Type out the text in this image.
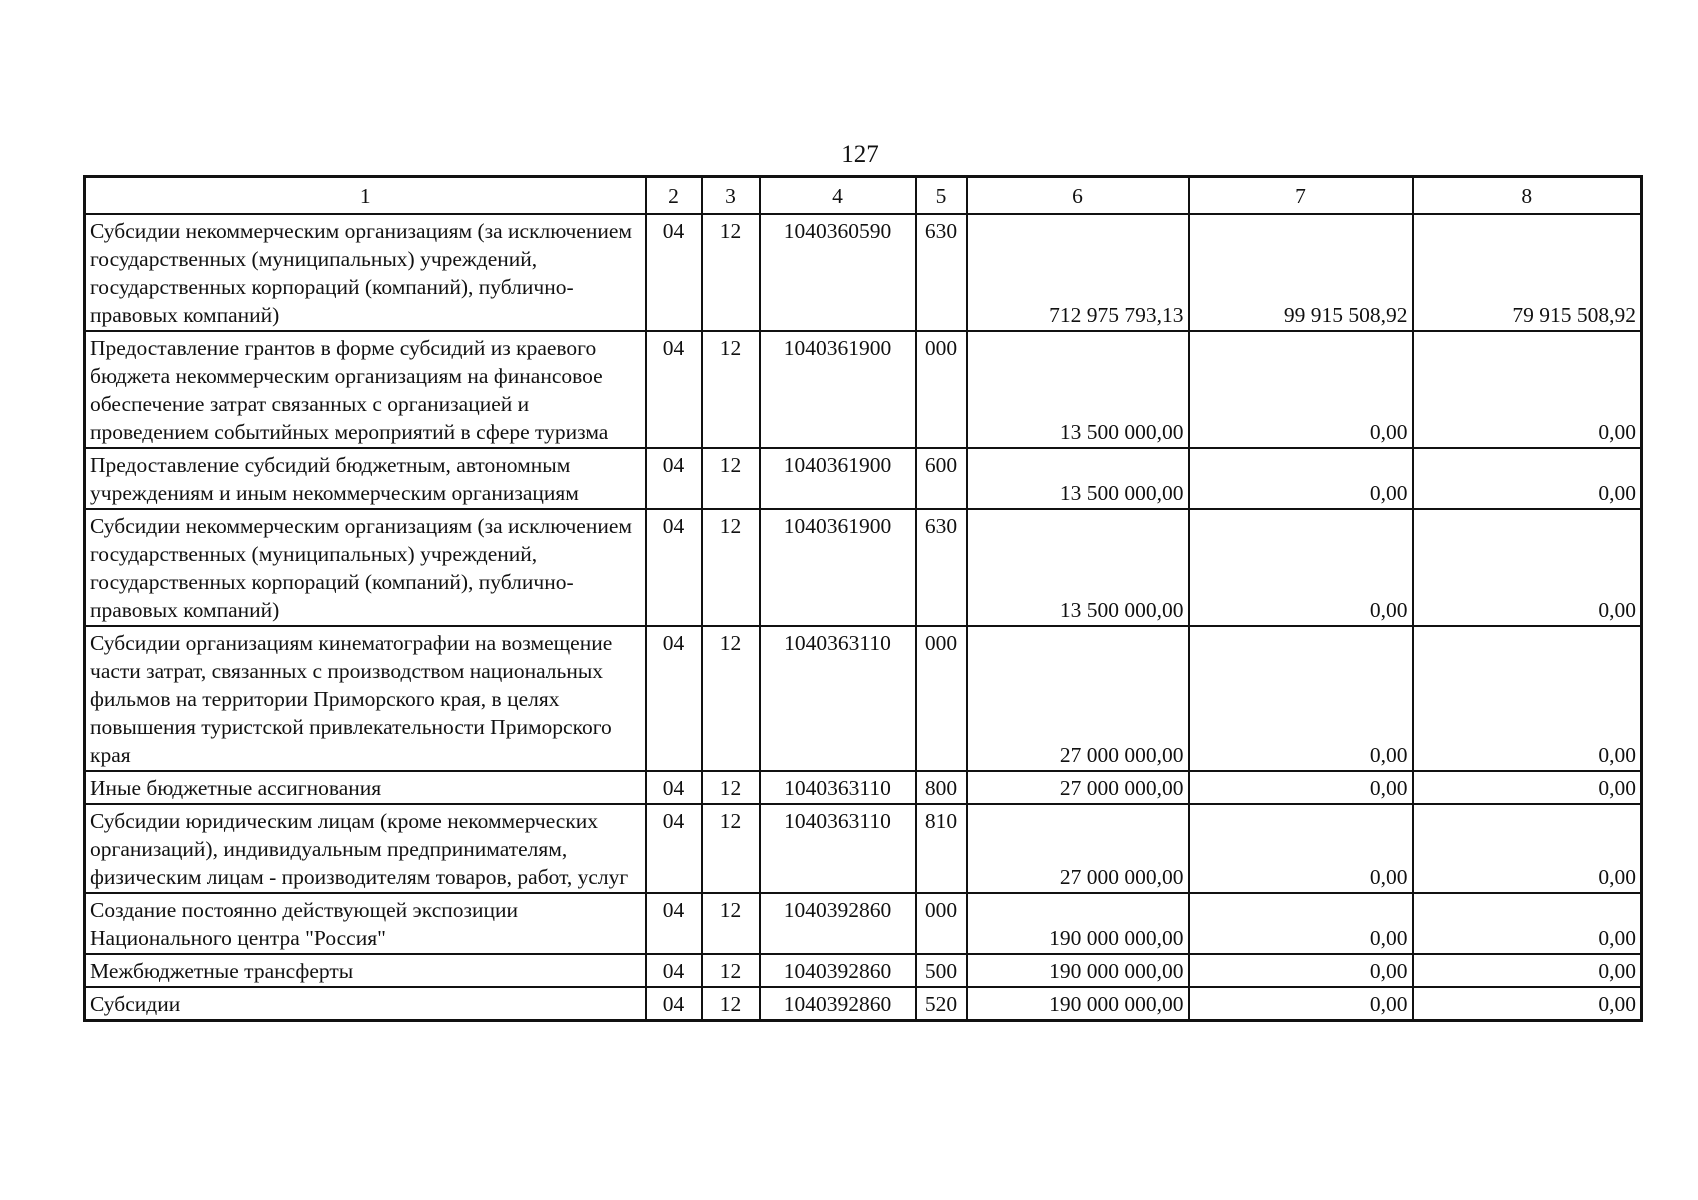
127
1	2	3	4	5	6	7	8
Субсидии некоммерческим организациям (за исключением государственных (муниципальных) учреждений, государственных корпораций (компаний), публично-правовых компаний)	04	12	1040360590	630	712 975 793,13	99 915 508,92	79 915 508,92
Предоставление грантов в форме субсидий из краевого бюджета некоммерческим организациям на финансовое обеспечение затрат связанных с организацией и проведением событийных мероприятий в сфере туризма	04	12	1040361900	000	13 500 000,00	0,00	0,00
Предоставление субсидий бюджетным, автономным учреждениям и иным некоммерческим организациям	04	12	1040361900	600	13 500 000,00	0,00	0,00
Субсидии некоммерческим организациям (за исключением государственных (муниципальных) учреждений, государственных корпораций (компаний), публично-правовых компаний)	04	12	1040361900	630	13 500 000,00	0,00	0,00
Субсидии организациям кинематографии на возмещение части затрат, связанных с производством национальных фильмов на территории Приморского края, в целях повышения туристской привлекательности Приморского края	04	12	1040363110	000	27 000 000,00	0,00	0,00
Иные бюджетные ассигнования	04	12	1040363110	800	27 000 000,00	0,00	0,00
Субсидии юридическим лицам (кроме некоммерческих организаций), индивидуальным предпринимателям, физическим лицам - производителям товаров, работ, услуг	04	12	1040363110	810	27 000 000,00	0,00	0,00
Создание постоянно действующей экспозиции Национального центра "Россия"	04	12	1040392860	000	190 000 000,00	0,00	0,00
Межбюджетные трансферты	04	12	1040392860	500	190 000 000,00	0,00	0,00
Субсидии	04	12	1040392860	520	190 000 000,00	0,00	0,00
